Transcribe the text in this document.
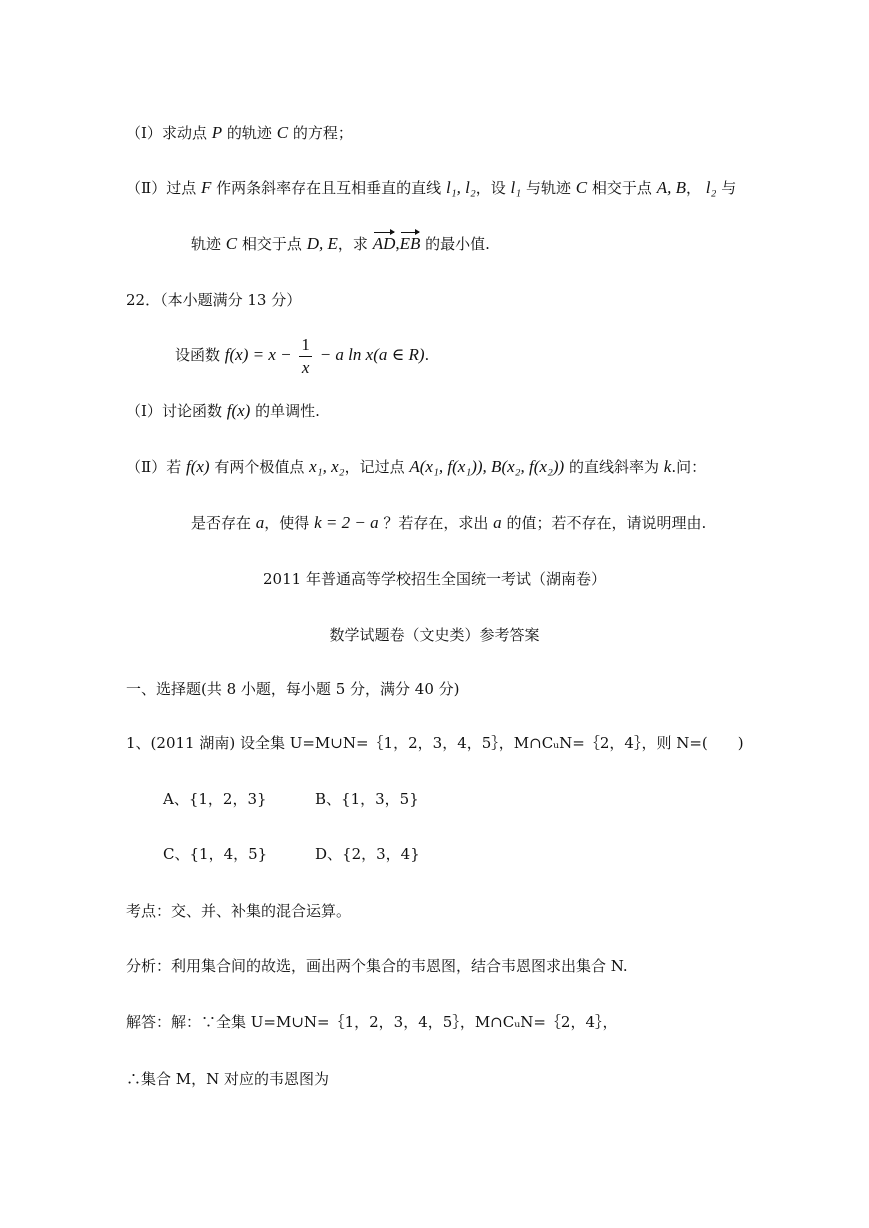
（Ⅰ）求动点 P 的轨迹 C 的方程；
（Ⅱ）过点 F 作两条斜率存在且互相垂直的直线 l₁, l₂，设 l₁ 与轨迹 C 相交于点 A, B， l₂ 与
轨迹 C 相交于点 D, E，求 AD,EB 的最小值.
22．（本小题满分 13 分）
设函数 $f(x) = x - \frac{1}{x} - a$ ln x(a ∈ R).
（Ⅰ）讨论函数 f(x) 的单调性.
（Ⅱ）若 f(x) 有两个极值点 x₁, x₂，记过点 A(x₁, f(x₁)), B(x₂, f(x₂)) 的直线斜率为 k.问：
是否存在 a，使得 k = 2 − a ？若存在，求出 a 的值；若不存在，请说明理由.
2011 年普通高等学校招生全国统一考试（湖南卷）
数学试题卷（文史类）参考答案
一、选择题(共 8 小题，每小题 5 分，满分 40 分)
1、(2011 湖南) 设全集 U=M∪N=｛1，2，3，4，5｝，M∩CᵤN=｛2，4｝，则 N=(　　)
A、{1，2，3}	B、{1，3，5}
C、{1，4，5}	D、{2，3，4}
考点：交、并、补集的混合运算。
分析：利用集合间的故选，画出两个集合的韦恩图，结合韦恩图求出集合 N.
解答：解：∵全集 U=M∪N=｛1，2，3，4，5｝，M∩CᵤN=｛2，4｝，
∴集合 M，N 对应的韦恩图为
